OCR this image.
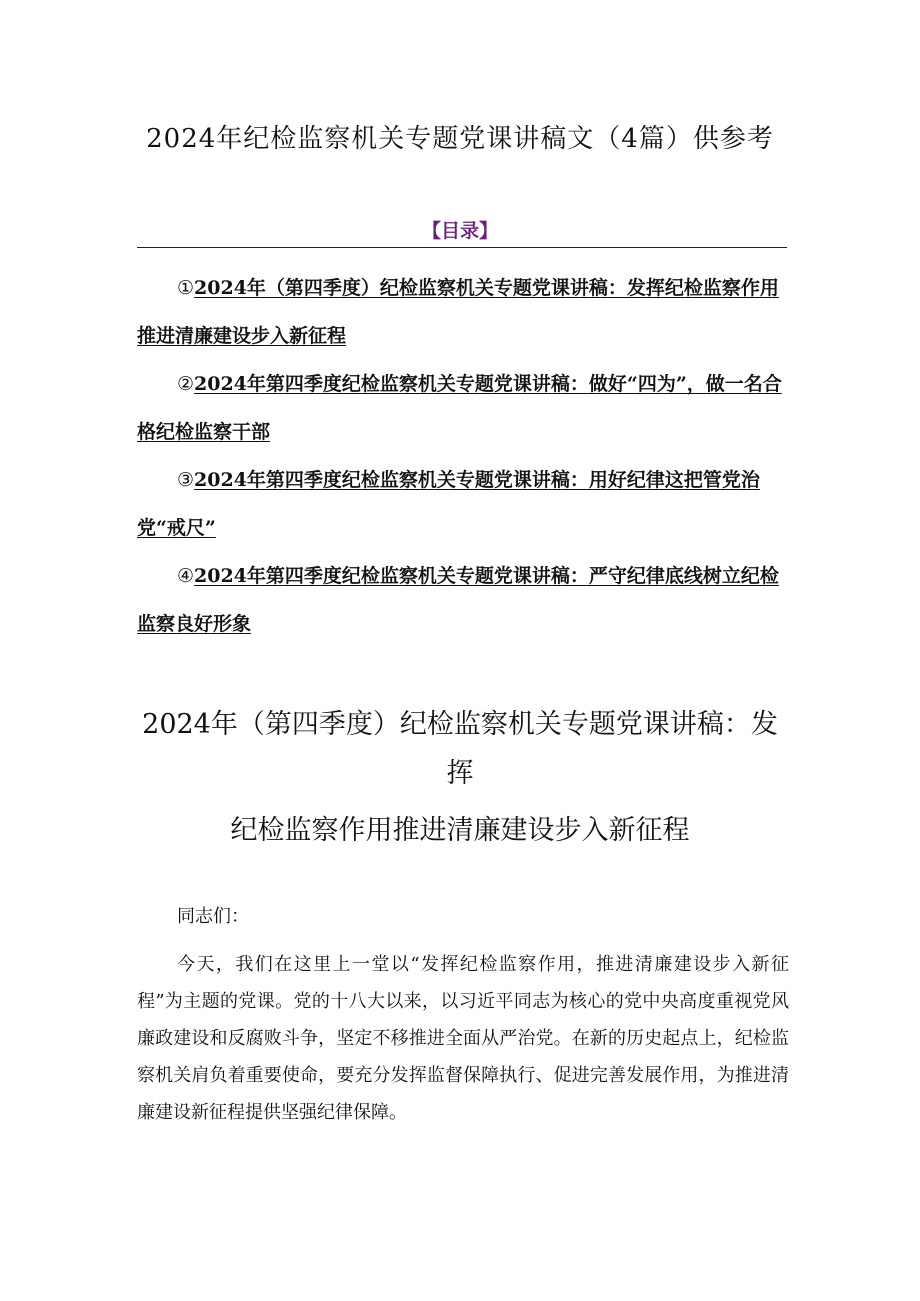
2024年纪检监察机关专题党课讲稿文（4篇）供参考
【目录】
①2024年（第四季度）纪检监察机关专题党课讲稿：发挥纪检监察作用推进清廉建设步入新征程
②2024年第四季度纪检监察机关专题党课讲稿：做好“四为”，做一名合格纪检监察干部
③2024年第四季度纪检监察机关专题党课讲稿：用好纪律这把管党治党“戒尺”
④2024年第四季度纪检监察机关专题党课讲稿：严守纪律底线树立纪检监察良好形象
2024年（第四季度）纪检监察机关专题党课讲稿：发挥
纪检监察作用推进清廉建设步入新征程

同志们：

今天，我们在这里上一堂以“发挥纪检监察作用，推进清廉建设步入新征程”为主题的党课。党的十八大以来，以习近平同志为核心的党中央高度重视党风廉政建设和反腐败斗争，坚定不移推进全面从严治党。在新的历史起点上，纪检监察机关肩负着重要使命，要充分发挥监督保障执行、促进完善发展作用，为推进清廉建设新征程提供坚强纪律保障。
